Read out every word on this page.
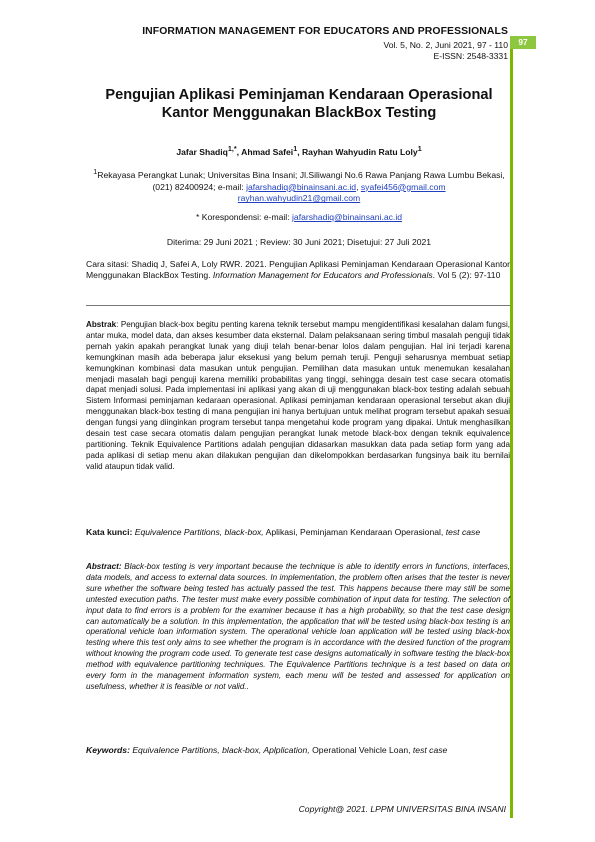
INFORMATION MANAGEMENT FOR EDUCATORS AND PROFESSIONALS
Vol. 5, No. 2, Juni 2021, 97 - 110
E-ISSN: 2548-3331
97
Pengujian Aplikasi Peminjaman Kendaraan Operasional
Kantor Menggunakan BlackBox Testing
Jafar Shadiq$^{1,*}$, Ahmad Safei$^1$, Rayhan Wahyudin Ratu Loly$^1$
$^1$Rekayasa Perangkat Lunak; Universitas Bina Insani; Jl.Siliwangi No.6 Rawa Panjang Rawa Lumbu Bekasi, (021) 82400924; e-mail: jafarshadiq@binainsani.ac.id, syafei456@gmail.com
rayhan.wahyudin21@gmail.com
* Korespondensi: e-mail: jafarshadiq@binainsani.ac.id
Diterima: 29 Juni 2021 ; Review: 30 Juni 2021; Disetujui: 27 Juli 2021
Cara sitasi: Shadiq J, Safei A, Loly RWR. 2021. Pengujian Aplikasi Peminjaman Kendaraan Operasional Kantor Menggunakan BlackBox Testing. Information Management for Educators and Professionals. Vol 5 (2): 97-110
Abstrak: Pengujian black-box begitu penting karena teknik tersebut mampu mengidentifikasi kesalahan dalam fungsi, antar muka, model data, dan akses kesumber data eksternal. Dalam pelaksanaan sering timbul masalah penguji tidak pernah yakin apakah perangkat lunak yang diuji telah benar-benar lolos dalam pengujian. Hal ini terjadi karena kemungkinan masih ada beberapa jalur eksekusi yang belum pernah teruji. Penguji seharusnya membuat setiap kemungkinan kombinasi data masukan untuk pengujian. Pemilihan data masukan untuk menemukan kesalahan menjadi masalah bagi penguji karena memiliki probabilitas yang tinggi, sehingga desain test case secara otomatis dapat menjadi solusi. Pada implementasi ini aplikasi yang akan di uji menggunakan black-box testing adalah sebuah Sistem Informasi peminjaman kedaraan operasional. Aplikasi peminjaman kendaraan operasional tersebut akan diuji menggunakan black-box testing di mana pengujian ini hanya bertujuan untuk melihat program tersebut apakah sesuai dengan fungsi yang diinginkan program tersebut tanpa mengetahui kode program yang dipakai. Untuk menghasilkan desain test case secara otomatis dalam pengujian perangkat lunak metode black-box dengan teknik equivalence partitioning. Teknik Equivalence Partitions adalah pengujian didasarkan masukkan data pada setiap form yang ada pada aplikasi di setiap menu akan dilakukan pengujian dan dikelompokkan berdasarkan fungsinya baik itu bernilai valid ataupun tidak valid.
Kata kunci: Equivalence Partitions, black-box, Aplikasi, Peminjaman Kendaraan Operasional, test case
Abstract: Black-box testing is very important because the technique is able to identify errors in functions, interfaces, data models, and access to external data sources. In implementation, the problem often arises that the tester is never sure whether the software being tested has actually passed the test. This happens because there may still be some untested execution paths. The tester must make every possible combination of input data for testing. The selection of input data to find errors is a problem for the examiner because it has a high probability, so that the test case design can automatically be a solution. In this implementation, the application that will be tested using black-box testing is an operational vehicle loan information system. The operational vehicle loan application will be tested using black-box testing where this test only aims to see whether the program is in accordance with the desired function of the program without knowing the program code used. To generate test case designs automatically in software testing the black-box method with equivalence partitioning techniques. The Equivalence Partitions technique is a test based on data on every form in the management information system, each menu will be tested and assessed for application on usefulness, whether it is feasible or not valid..
Keywords: Equivalence Partitions, black-box, Aplplication, Operational Vehicle Loan, test case
Copyright@ 2021. LPPM UNIVERSITAS BINA INSANI
